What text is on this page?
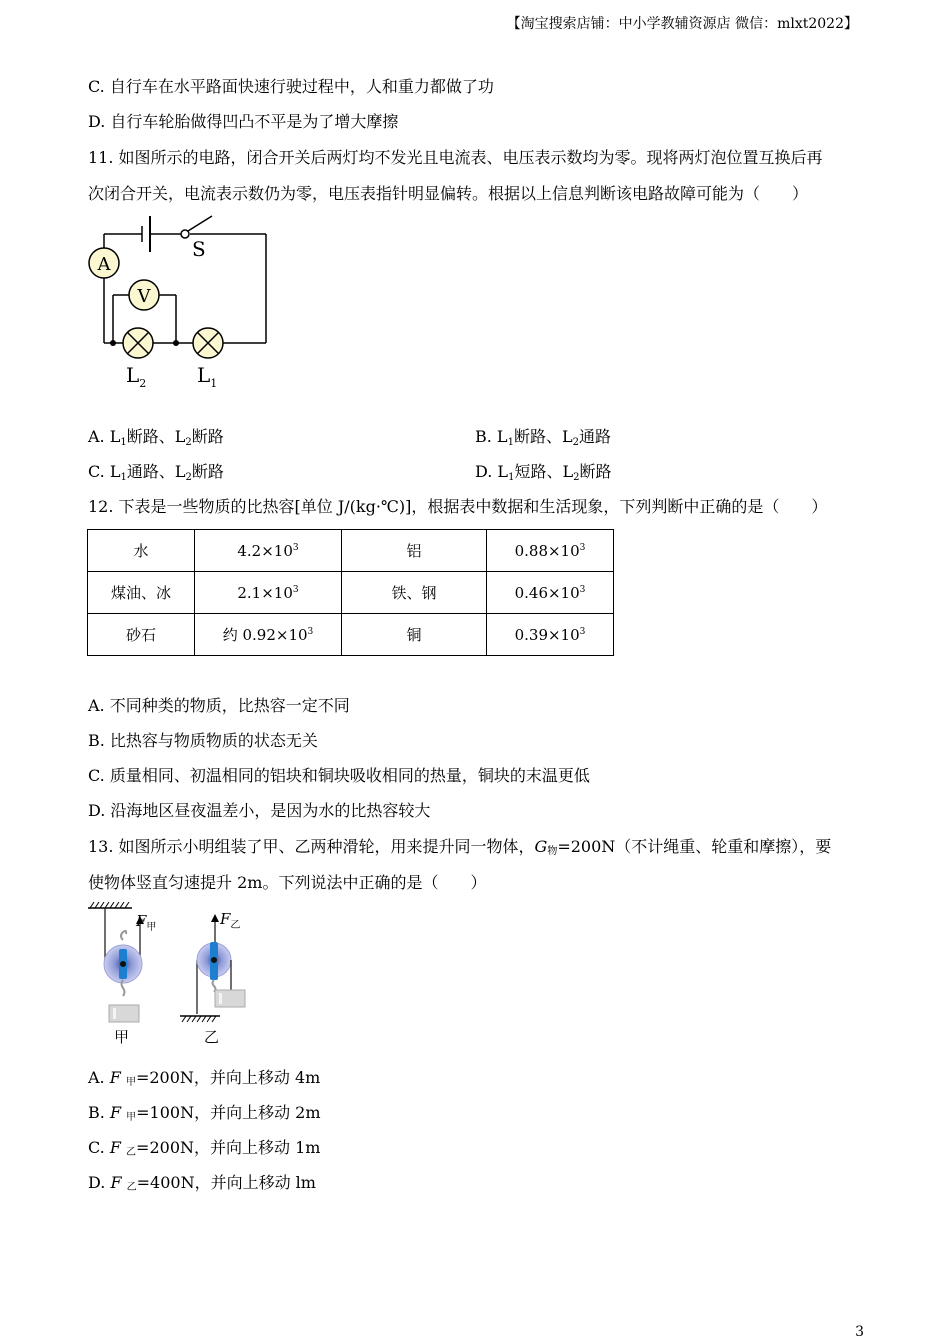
【淘宝搜索店铺：中小学教辅资源店 微信：mlxt2022】
C. 自行车在水平路面快速行驶过程中，人和重力都做了功
D. 自行车轮胎做得凹凸不平是为了增大摩擦
11. 如图所示的电路，闭合开关后两灯均不发光且电流表、电压表示数均为零。现将两灯泡位置互换后再
次闭合开关，电流表示数仍为零，电压表指针明显偏转。根据以上信息判断该电路故障可能为（　　）
S
A
V
$L_2$	$L_1$
A. $L_1$断路、$L_2$断路	B. $L_1$断路、$L_2$通路
C. $L_1$通路、$L_2$断路	D. $L_1$短路、$L_2$断路
12. 下表是一些物质的比热容[单位 J/(kg·℃)]，根据表中数据和生活现象，下列判断中正确的是（　　）
水	$4.2\times 10^3$	铝	$0.88\times 10^3$
煤油、冰	$2.1\times 10^3$	铁、钢	$0.46\times 10^3$
砂石	约 $0.92\times 10^3$	铜	$0.39\times 10^3$
A. 不同种类的物质，比热容一定不同
B. 比热容与物质物质的状态无关
C. 质量相同、初温相同的铝块和铜块吸收相同的热量，铜块的末温更低
D. 沿海地区昼夜温差小，是因为水的比热容较大
13. 如图所示小明组装了甲、乙两种滑轮，用来提升同一物体，$G_物=200N$（不计绳重、轮重和摩擦），要
使物体竖直匀速提升 2m。下列说法中正确的是（　　）
$F_甲$
甲
$F_乙$
乙
A. F $_甲$=200N，并向上移动 4m
B. F $_甲$=100N，并向上移动 2m
C. F $_乙$=200N，并向上移动 1m
D. F $_乙$=400N，并向上移动 lm
3
